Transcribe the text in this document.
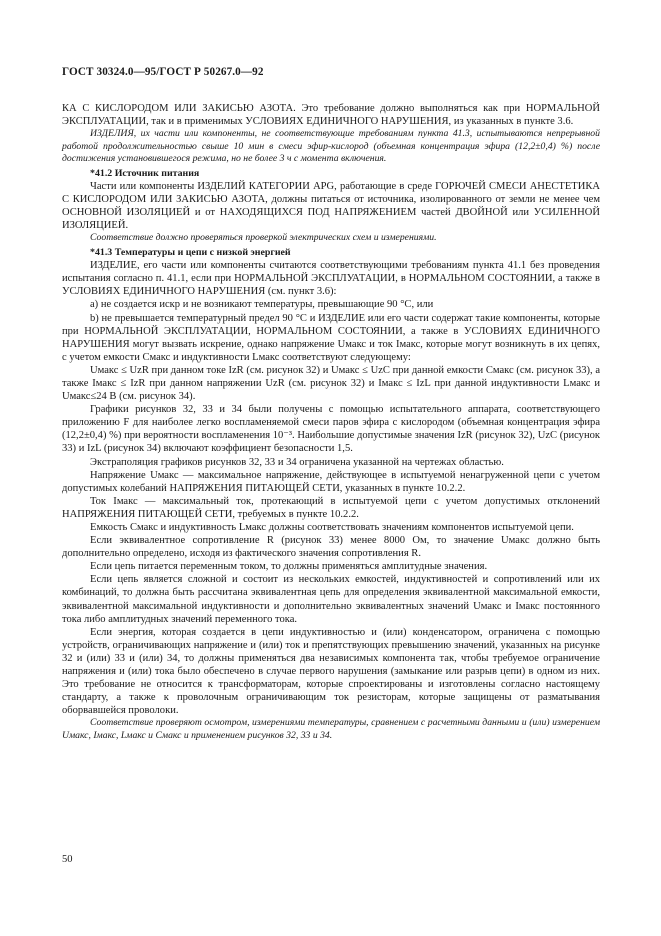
ГОСТ 30324.0—95/ГОСТ Р 50267.0—92

КА С КИСЛОРОДОМ ИЛИ ЗАКИСЬЮ АЗОТА. Это требование должно выполняться как при НОРМАЛЬНОЙ ЭКСПЛУАТАЦИИ, так и в применимых УСЛОВИЯХ ЕДИНИЧНОГО НАРУШЕНИЯ, из указанных в пункте 3.6.

ИЗДЕЛИЯ, их части или компоненты, не соответствующие требованиям пункта 41.3, испытываются непрерывной работой продолжительностью свыше 10 мин в смеси эфир-кислород (объемная концентрация эфира (12,2±0,4) %) после достижения установившегося режима, но не более 3 ч с момента включения.

*41.2 Источник питания

Части или компоненты ИЗДЕЛИЙ КАТЕГОРИИ APG, работающие в среде ГОРЮЧЕЙ СМЕСИ АНЕСТЕТИКА С КИСЛОРОДОМ ИЛИ ЗАКИСЬЮ АЗОТА, должны питаться от источника, изолированного от земли не менее чем ОСНОВНОЙ ИЗОЛЯЦИЕЙ и от НАХОДЯЩИХСЯ ПОД НАПРЯЖЕНИЕМ частей ДВОЙНОЙ или УСИЛЕННОЙ ИЗОЛЯЦИЕЙ.

Соответствие должно проверяться проверкой электрических схем и измерениями.

*41.3 Температуры и цепи с низкой энергией

ИЗДЕЛИЕ, его части или компоненты считаются соответствующими требованиям пункта 41.1 без проведения испытания согласно п. 41.1, если при НОРМАЛЬНОЙ ЭКСПЛУАТАЦИИ, в НОРМАЛЬНОМ СОСТОЯНИИ, а также в УСЛОВИЯХ ЕДИНИЧНОГО НАРУШЕНИЯ (см. пункт 3.6):

а) не создается искр и не возникают температуры, превышающие 90 °С, или

b) не превышается температурный предел 90 °С и ИЗДЕЛИЕ или его части содержат такие компоненты, которые при НОРМАЛЬНОЙ ЭКСПЛУАТАЦИИ, НОРМАЛЬНОМ СОСТОЯНИИ, а также в УСЛОВИЯХ ЕДИНИЧНОГО НАРУШЕНИЯ могут вызвать искрение, однако напряжение Uмакс и ток Iмакс, которые могут возникнуть в их цепях, с учетом емкости Cмакс и индуктивности Lмакс соответствуют следующему:

Uмакс ≤ UzR при данном токе IzR (см. рисунок 32) и Uмакс ≤ UzC при данной емкости Cмакс (см. рисунок 33), а также Iмакс ≤ IzR при данном напряжении UzR (см. рисунок 32) и Iмакс ≤ IzL при данной индуктивности Lмакс и Uмакс≤24 В (см. рисунок 34).

Графики рисунков 32, 33 и 34 были получены с помощью испытательного аппарата, соответствующего приложению F для наиболее легко воспламеняемой смеси паров эфира с кислородом (объемная концентрация эфира (12,2±0,4) %) при вероятности воспламенения 10⁻³. Наибольшие допустимые значения IzR (рисунок 32), UzC (рисунок 33) и IzL (рисунок 34) включают коэффициент безопасности 1,5.

Экстраполяция графиков рисунков 32, 33 и 34 ограничена указанной на чертежах областью.

Напряжение Uмакс — максимальное напряжение, действующее в испытуемой ненагруженной цепи с учетом допустимых колебаний НАПРЯЖЕНИЯ ПИТАЮЩЕЙ СЕТИ, указанных в пункте 10.2.2.

Ток Iмакс — максимальный ток, протекающий в испытуемой цепи с учетом допустимых отклонений НАПРЯЖЕНИЯ ПИТАЮЩЕЙ СЕТИ, требуемых в пункте 10.2.2.

Емкость Cмакс и индуктивность Lмакс должны соответствовать значениям компонентов испытуемой цепи.

Если эквивалентное сопротивление R (рисунок 33) менее 8000 Ом, то значение Uмакс должно быть дополнительно определено, исходя из фактического значения сопротивления R.

Если цепь питается переменным током, то должны применяться амплитудные значения.

Если цепь является сложной и состоит из нескольких емкостей, индуктивностей и сопротивлений или их комбинаций, то должна быть рассчитана эквивалентная цепь для определения эквивалентной максимальной емкости, эквивалентной максимальной индуктивности и дополнительно эквивалентных значений Uмакс и Iмакс постоянного тока либо амплитудных значений переменного тока.

Если энергия, которая создается в цепи индуктивностью и (или) конденсатором, ограничена с помощью устройств, ограничивающих напряжение и (или) ток и препятствующих превышению значений, указанных на рисунке 32 и (или) 33 и (или) 34, то должны применяться два независимых компонента так, чтобы требуемое ограничение напряжения и (или) тока было обеспечено в случае первого нарушения (замыкание или разрыв цепи) в одном из них. Это требование не относится к трансформаторам, которые спроектированы и изготовлены согласно настоящему стандарту, а также к проволочным ограничивающим ток резисторам, которые защищены от разматывания оборвавшейся проволоки.

Соответствие проверяют осмотром, измерениями температуры, сравнением с расчетными данными и (или) измерением Uмакс, Iмакс, Lмакс и Cмакс и применением рисунков 32, 33 и 34.

50
